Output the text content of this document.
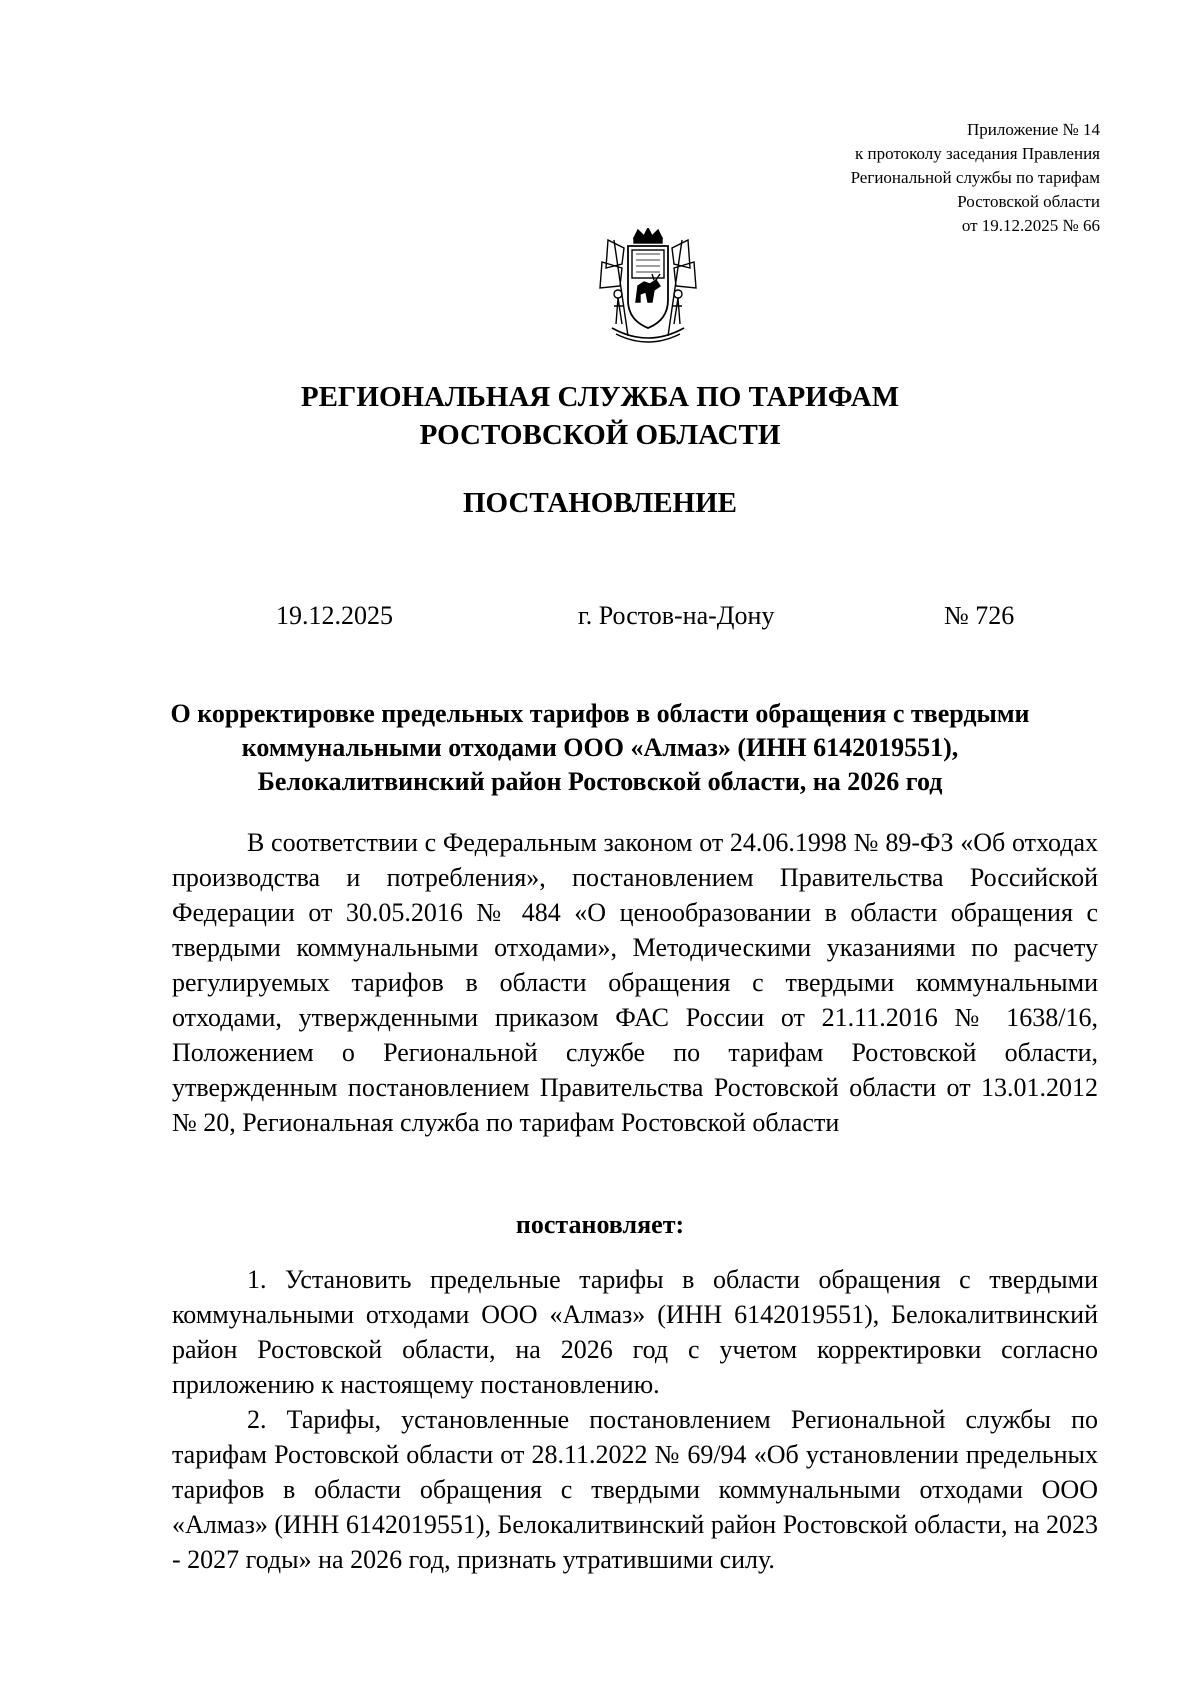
Приложение № 14
к протоколу заседания Правления
Региональной службы по тарифам
Ростовской области
от 19.12.2025 № 66
РЕГИОНАЛЬНАЯ СЛУЖБА ПО ТАРИФАМ
РОСТОВСКОЙ ОБЛАСТИ
ПОСТАНОВЛЕНИЕ
19.12.2025	г. Ростов-на-Дону	№ 726
О корректировке предельных тарифов в области обращения с твердыми
коммунальными отходами ООО «Алмаз» (ИНН 6142019551),
Белокалитвинский район Ростовской области, на 2026 год

В соответствии с Федеральным законом от 24.06.1998 № 89-ФЗ «Об отходах производства и потребления», постановлением Правительства Российской Федерации от 30.05.2016 № 484 «О ценообразовании в области обращения с твердыми коммунальными отходами», Методическими указаниями по расчету регулируемых тарифов в области обращения с твердыми коммунальными отходами, утвержденными приказом ФАС России от 21.11.2016 № 1638/16, Положением о Региональной службе по тарифам Ростовской области, утвержденным постановлением Правительства Ростовской области от 13.01.2012 № 20, Региональная служба по тарифам Ростовской области

постановляет:

1. Установить предельные тарифы в области обращения с твердыми коммунальными отходами ООО «Алмаз» (ИНН 6142019551), Белокалитвинский район Ростовской области, на 2026 год с учетом корректировки согласно приложению к настоящему постановлению.

2. Тарифы, установленные постановлением Региональной службы по тарифам Ростовской области от 28.11.2022 № 69/94 «Об установлении предельных тарифов в области обращения с твердыми коммунальными отходами ООО «Алмаз» (ИНН 6142019551), Белокалитвинский район Ростовской области, на 2023 - 2027 годы» на 2026 год, признать утратившими силу.
